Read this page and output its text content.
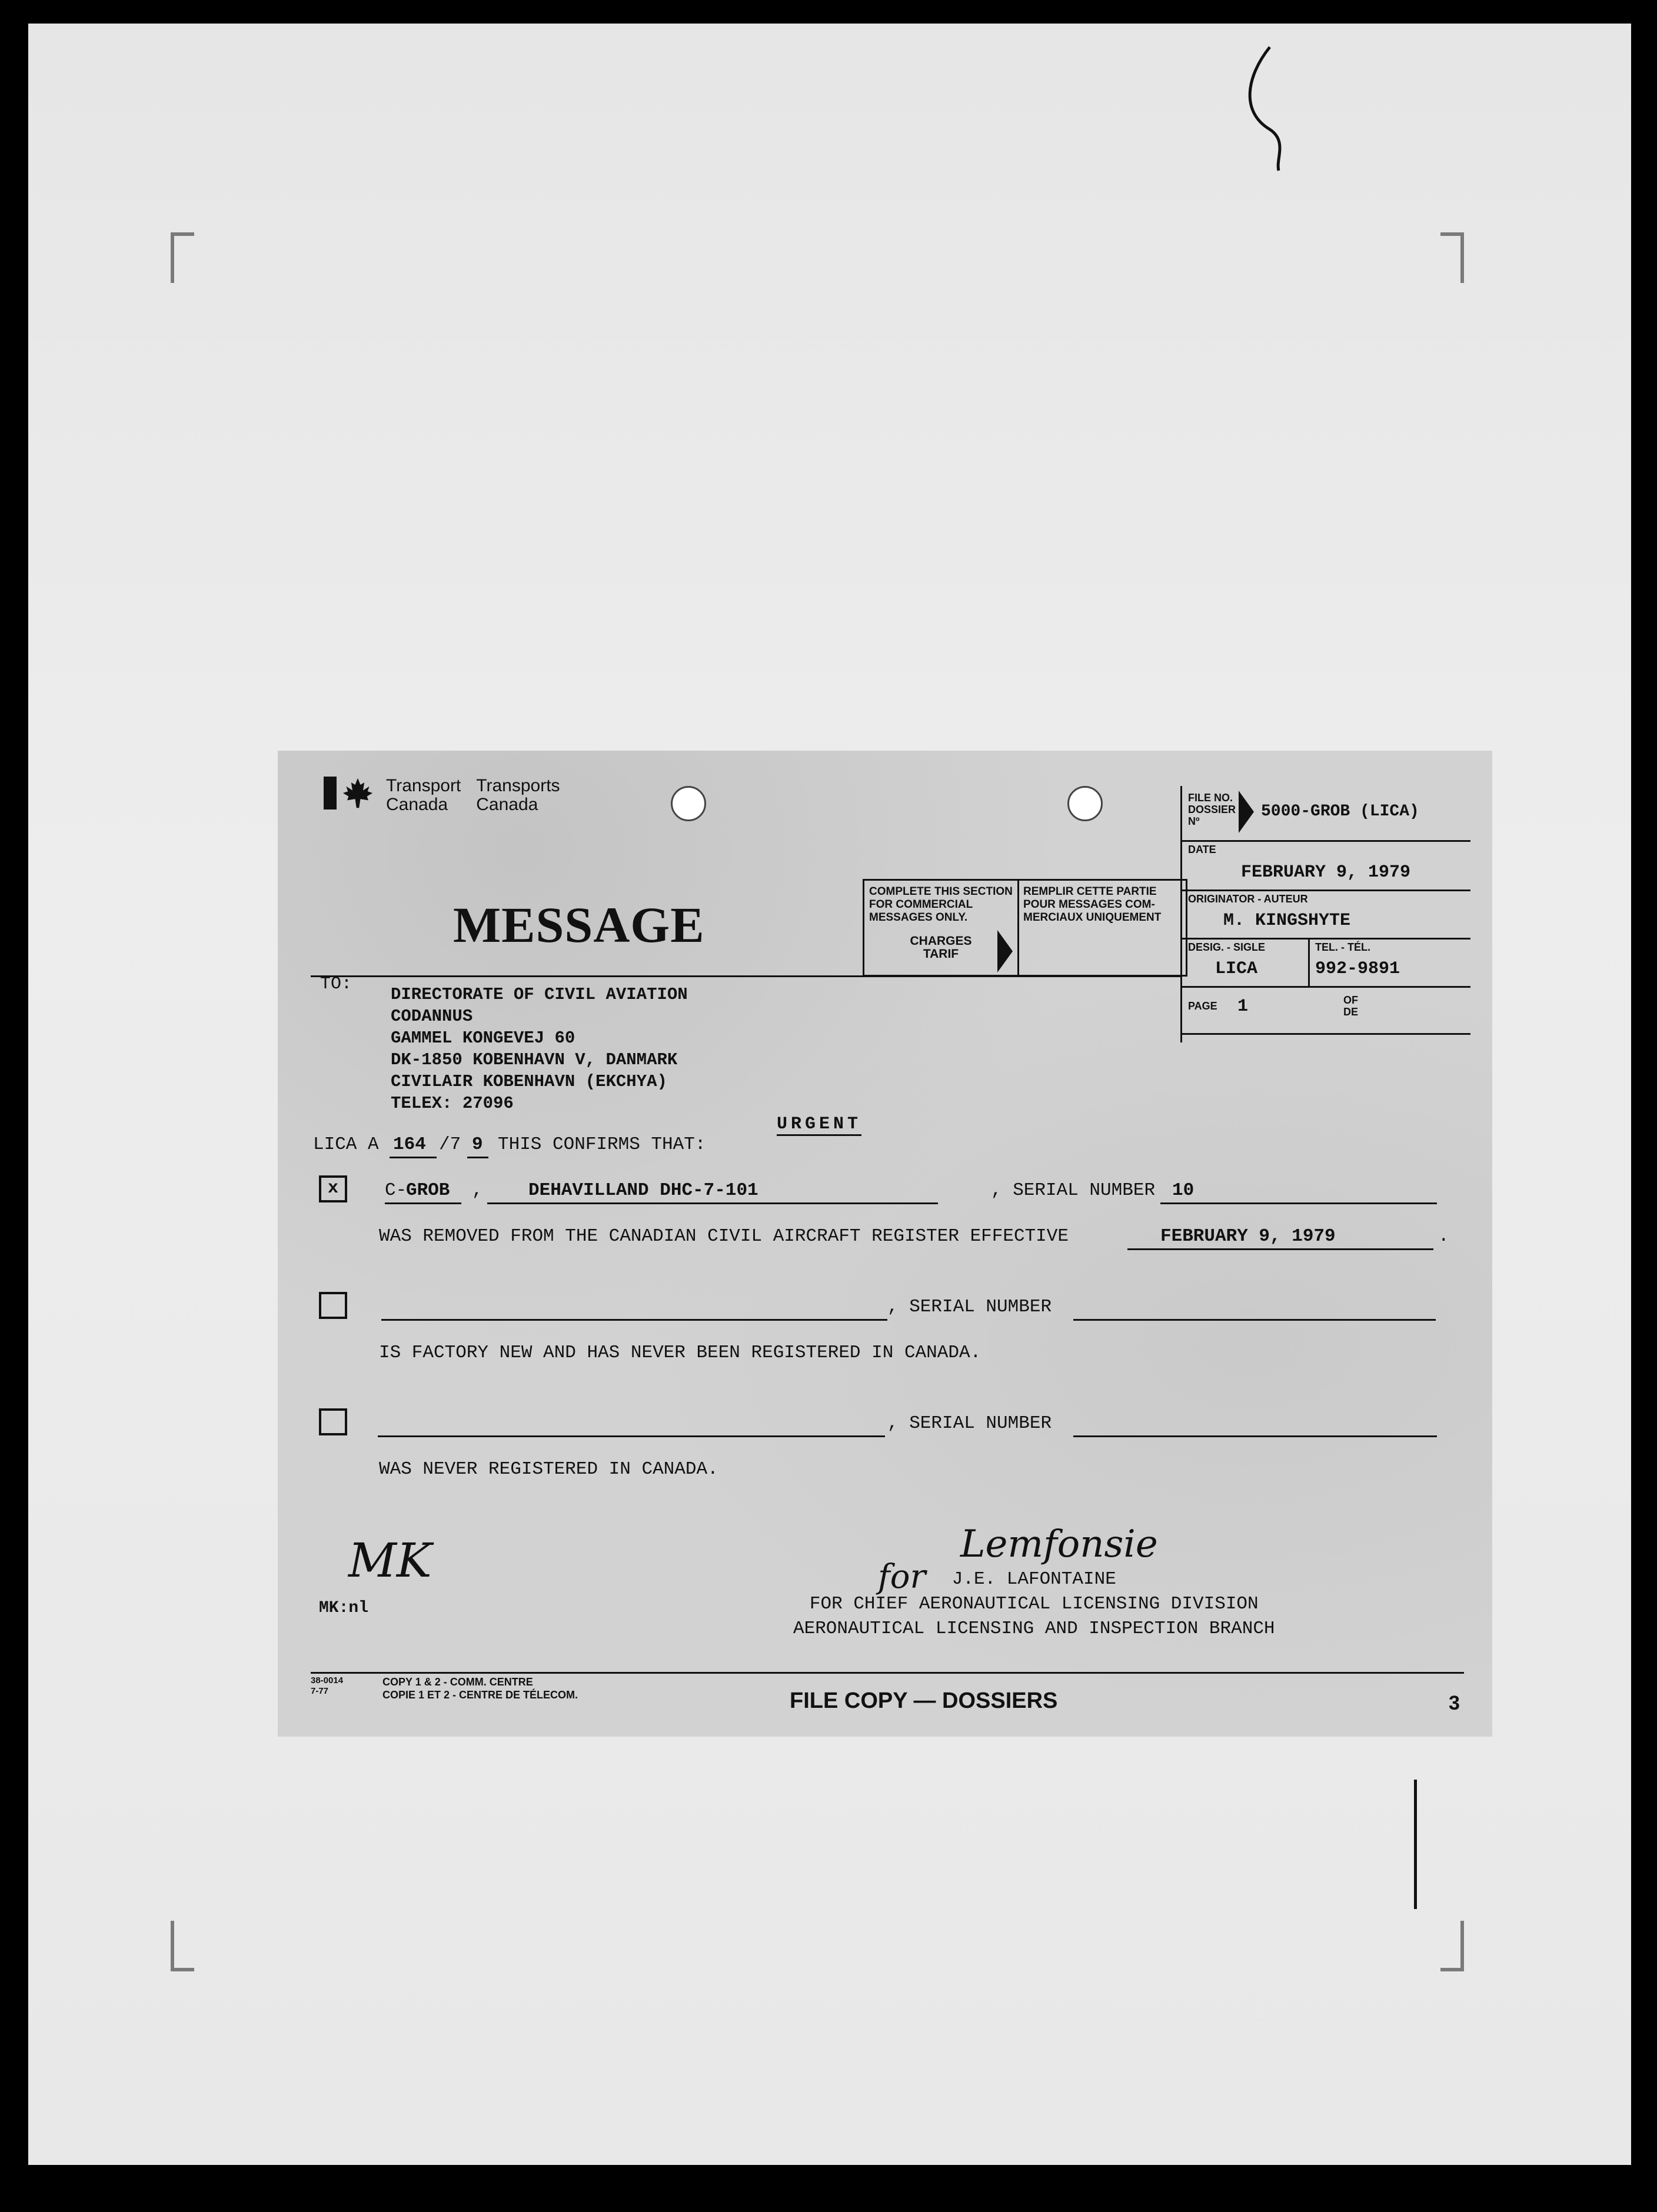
Transport
Canada
Transports
Canada
MESSAGE
COMPLETE THIS SECTION FOR COMMERCIAL MESSAGES ONLY.
REMPLIR CETTE PARTIE POUR MESSAGES COM-MERCIAUX UNIQUEMENT
CHARGES
TARIF
FILE NO. DOSSIER Nº
5000-GROB (LICA)
DATE
FEBRUARY 9, 1979
ORIGINATOR - AUTEUR
M. KINGSHYTE
DESIG. - SIGLE
LICA
TEL. - TÉL.
992-9891
PAGE 1	OF
DE
TO:
DIRECTORATE OF CIVIL AVIATION
CODANNUS
GAMMEL KONGEVEJ 60
DK-1850 KOBENHAVN V, DANMARK
CIVILAIR KOBENHAVN (EKCHYA)
TELEX: 27096
URGENT
LICA A 164 /7 9 THIS CONFIRMS THAT:
x	C-
GROB , DEHAVILLAND DHC-7-101	, SERIAL NUMBER 10
WAS REMOVED FROM THE CANADIAN CIVIL AIRCRAFT REGISTER EFFECTIVE	FEBRUARY 9, 1979	.
, SERIAL NUMBER
IS FACTORY NEW AND HAS NEVER BEEN REGISTERED IN CANADA.
, SERIAL NUMBER
WAS NEVER REGISTERED IN CANADA.
MK
MK:nl
for
Lemfonsie
J.E. LAFONTAINE
FOR CHIEF AERONAUTICAL LICENSING DIVISION
AERONAUTICAL LICENSING AND INSPECTION BRANCH
38-0014
7-77
COPY 1 & 2 - COMM. CENTRE
COPIE 1 ET 2 - CENTRE DE TÉLECOM.	FILE COPY — DOSSIERS	3
